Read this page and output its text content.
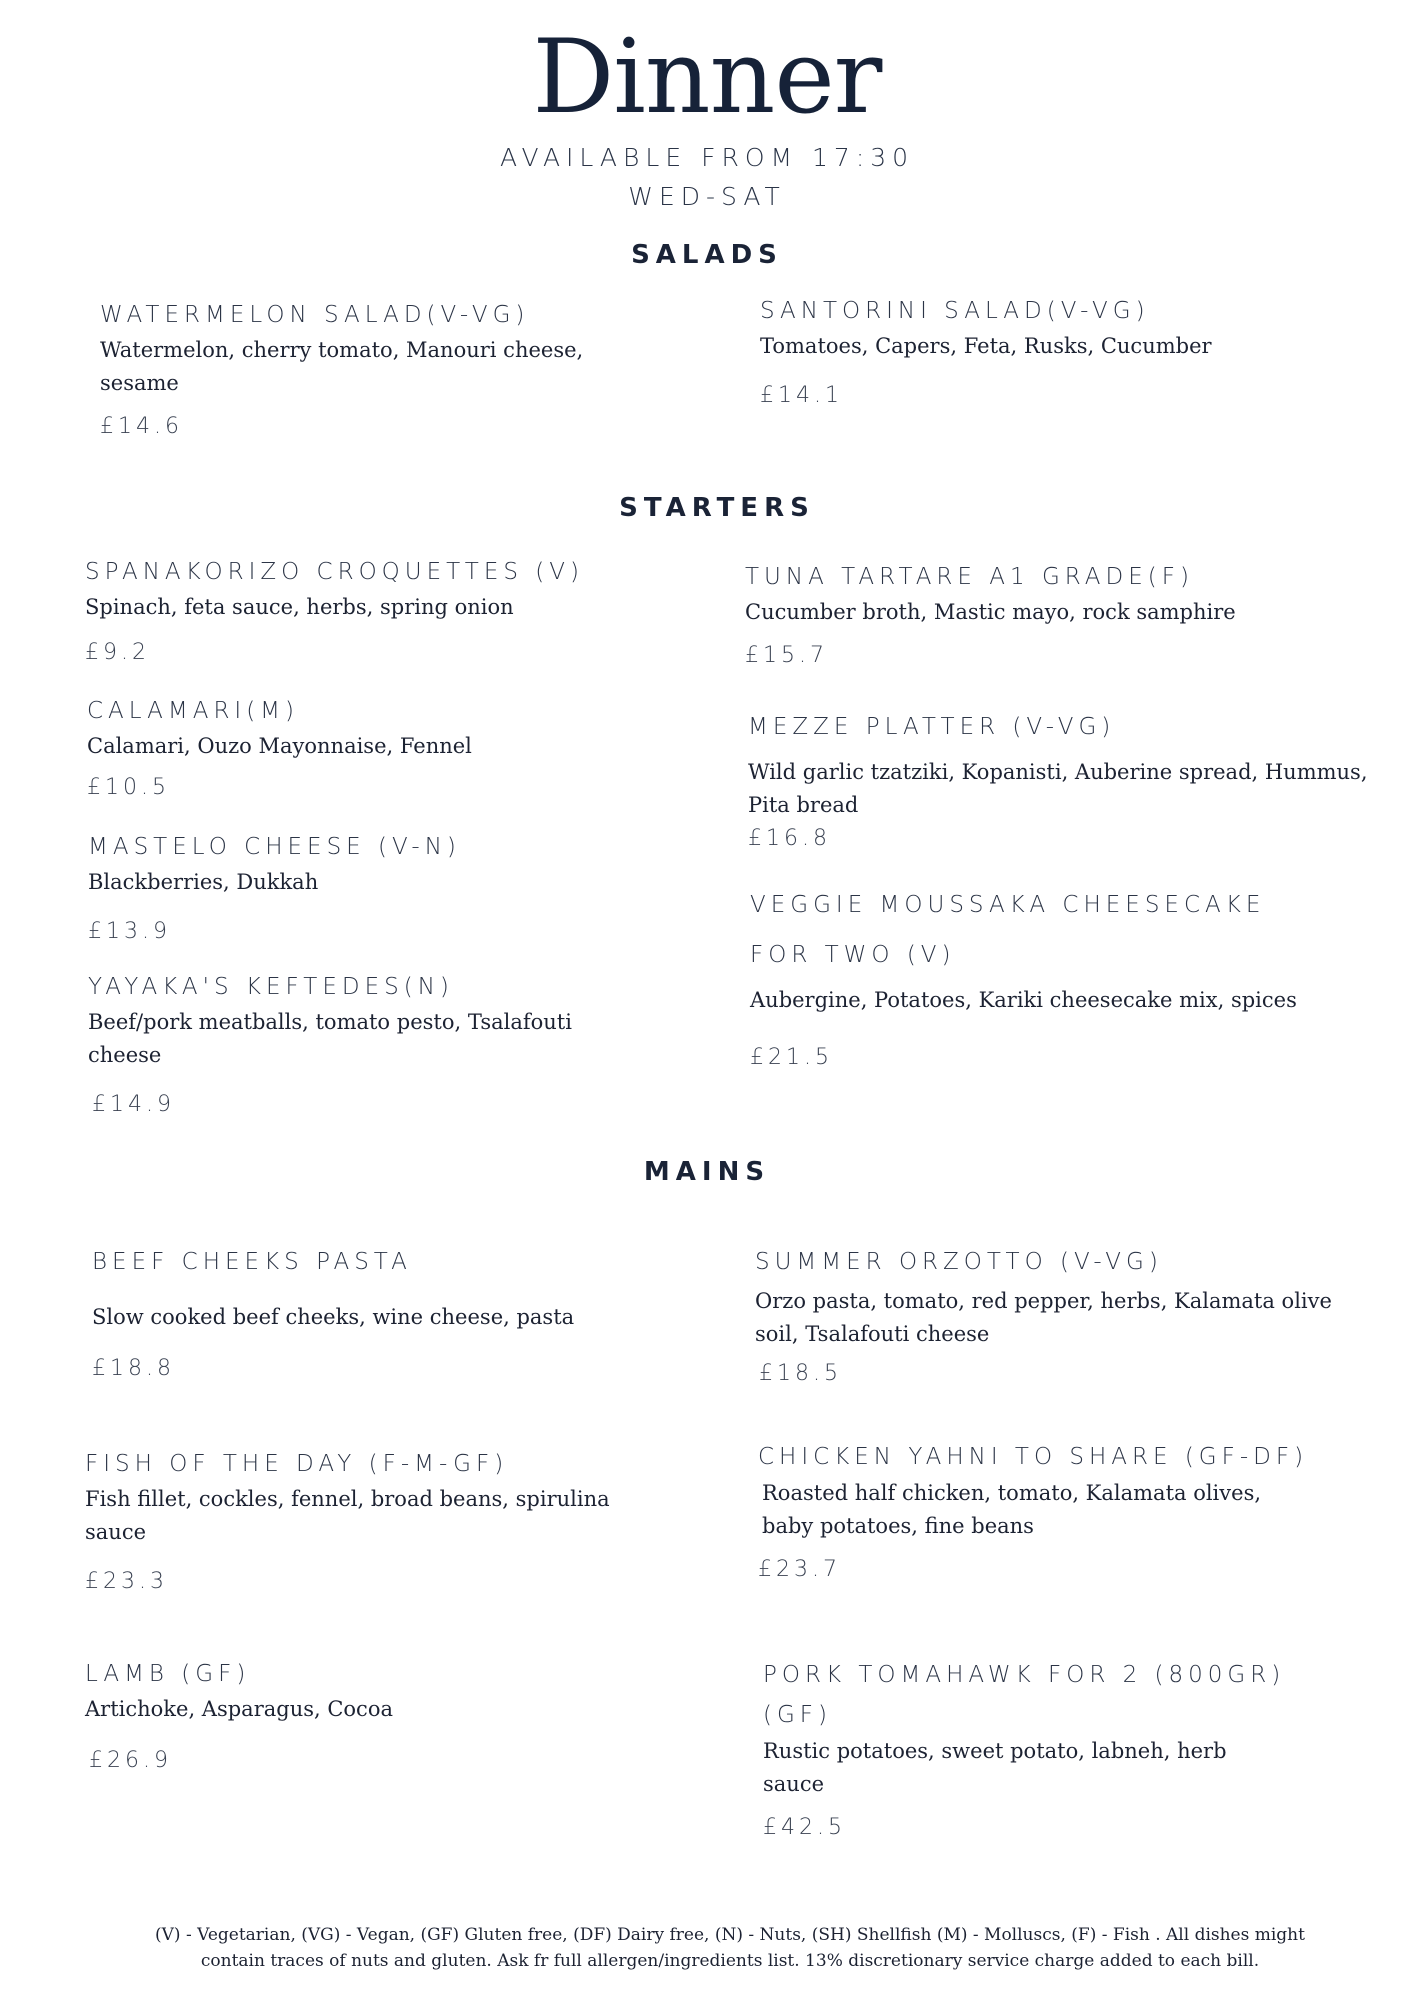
Dinner
AVAILABLE FROM 17:30
WED-SAT
SALADS
WATERMELON SALAD(V-VG)
Watermelon, cherry tomato, Manouri cheese, sesame
£14.6
SANTORINI SALAD(V-VG)
Tomatoes, Capers, Feta, Rusks, Cucumber
£14.1
STARTERS
SPANAKORIZO CROQUETTES (V)
Spinach, feta sauce, herbs, spring onion
£9.2
TUNA TARTARE A1 GRADE(F)
Cucumber broth, Mastic mayo, rock samphire
£15.7
CALAMARI(M)
Calamari, Ouzo Mayonnaise, Fennel
£10.5
MEZZE PLATTER (V-VG)
Wild garlic tzatziki, Kopanisti, Auberine spread, Hummus, Pita bread
£16.8
MASTELO CHEESE (V-N)
Blackberries, Dukkah
£13.9
VEGGIE MOUSSAKA CHEESECAKE FOR TWO (V)
Aubergine, Potatoes, Kariki cheesecake mix, spices
£21.5
YAYAKA'S KEFTEDES(N)
Beef/pork meatballs, tomato pesto, Tsalafouti cheese
£14.9
MAINS
BEEF CHEEKS PASTA
Slow cooked beef cheeks, wine cheese, pasta
£18.8
SUMMER ORZOTTO (V-VG)
Orzo pasta, tomato, red pepper, herbs, Kalamata olive soil, Tsalafouti cheese
£18.5
FISH OF THE DAY (F-M-GF)
Fish fillet, cockles, fennel, broad beans, spirulina sauce
£23.3
CHICKEN YAHNI TO SHARE (GF-DF)
Roasted half chicken, tomato, Kalamata olives, baby potatoes, fine beans
£23.7
LAMB (GF)
Artichoke, Asparagus, Cocoa
£26.9
PORK TOMAHAWK FOR 2 (800GR) (GF)
Rustic potatoes, sweet potato, labneh, herb sauce
£42.5
(V) - Vegetarian, (VG) - Vegan, (GF) Gluten free, (DF) Dairy free, (N) - Nuts, (SH) Shellfish (M) - Molluscs, (F) - Fish . All dishes might
contain traces of nuts and gluten. Ask fr full allergen/ingredients list. 13% discretionary service charge added to each bill.
